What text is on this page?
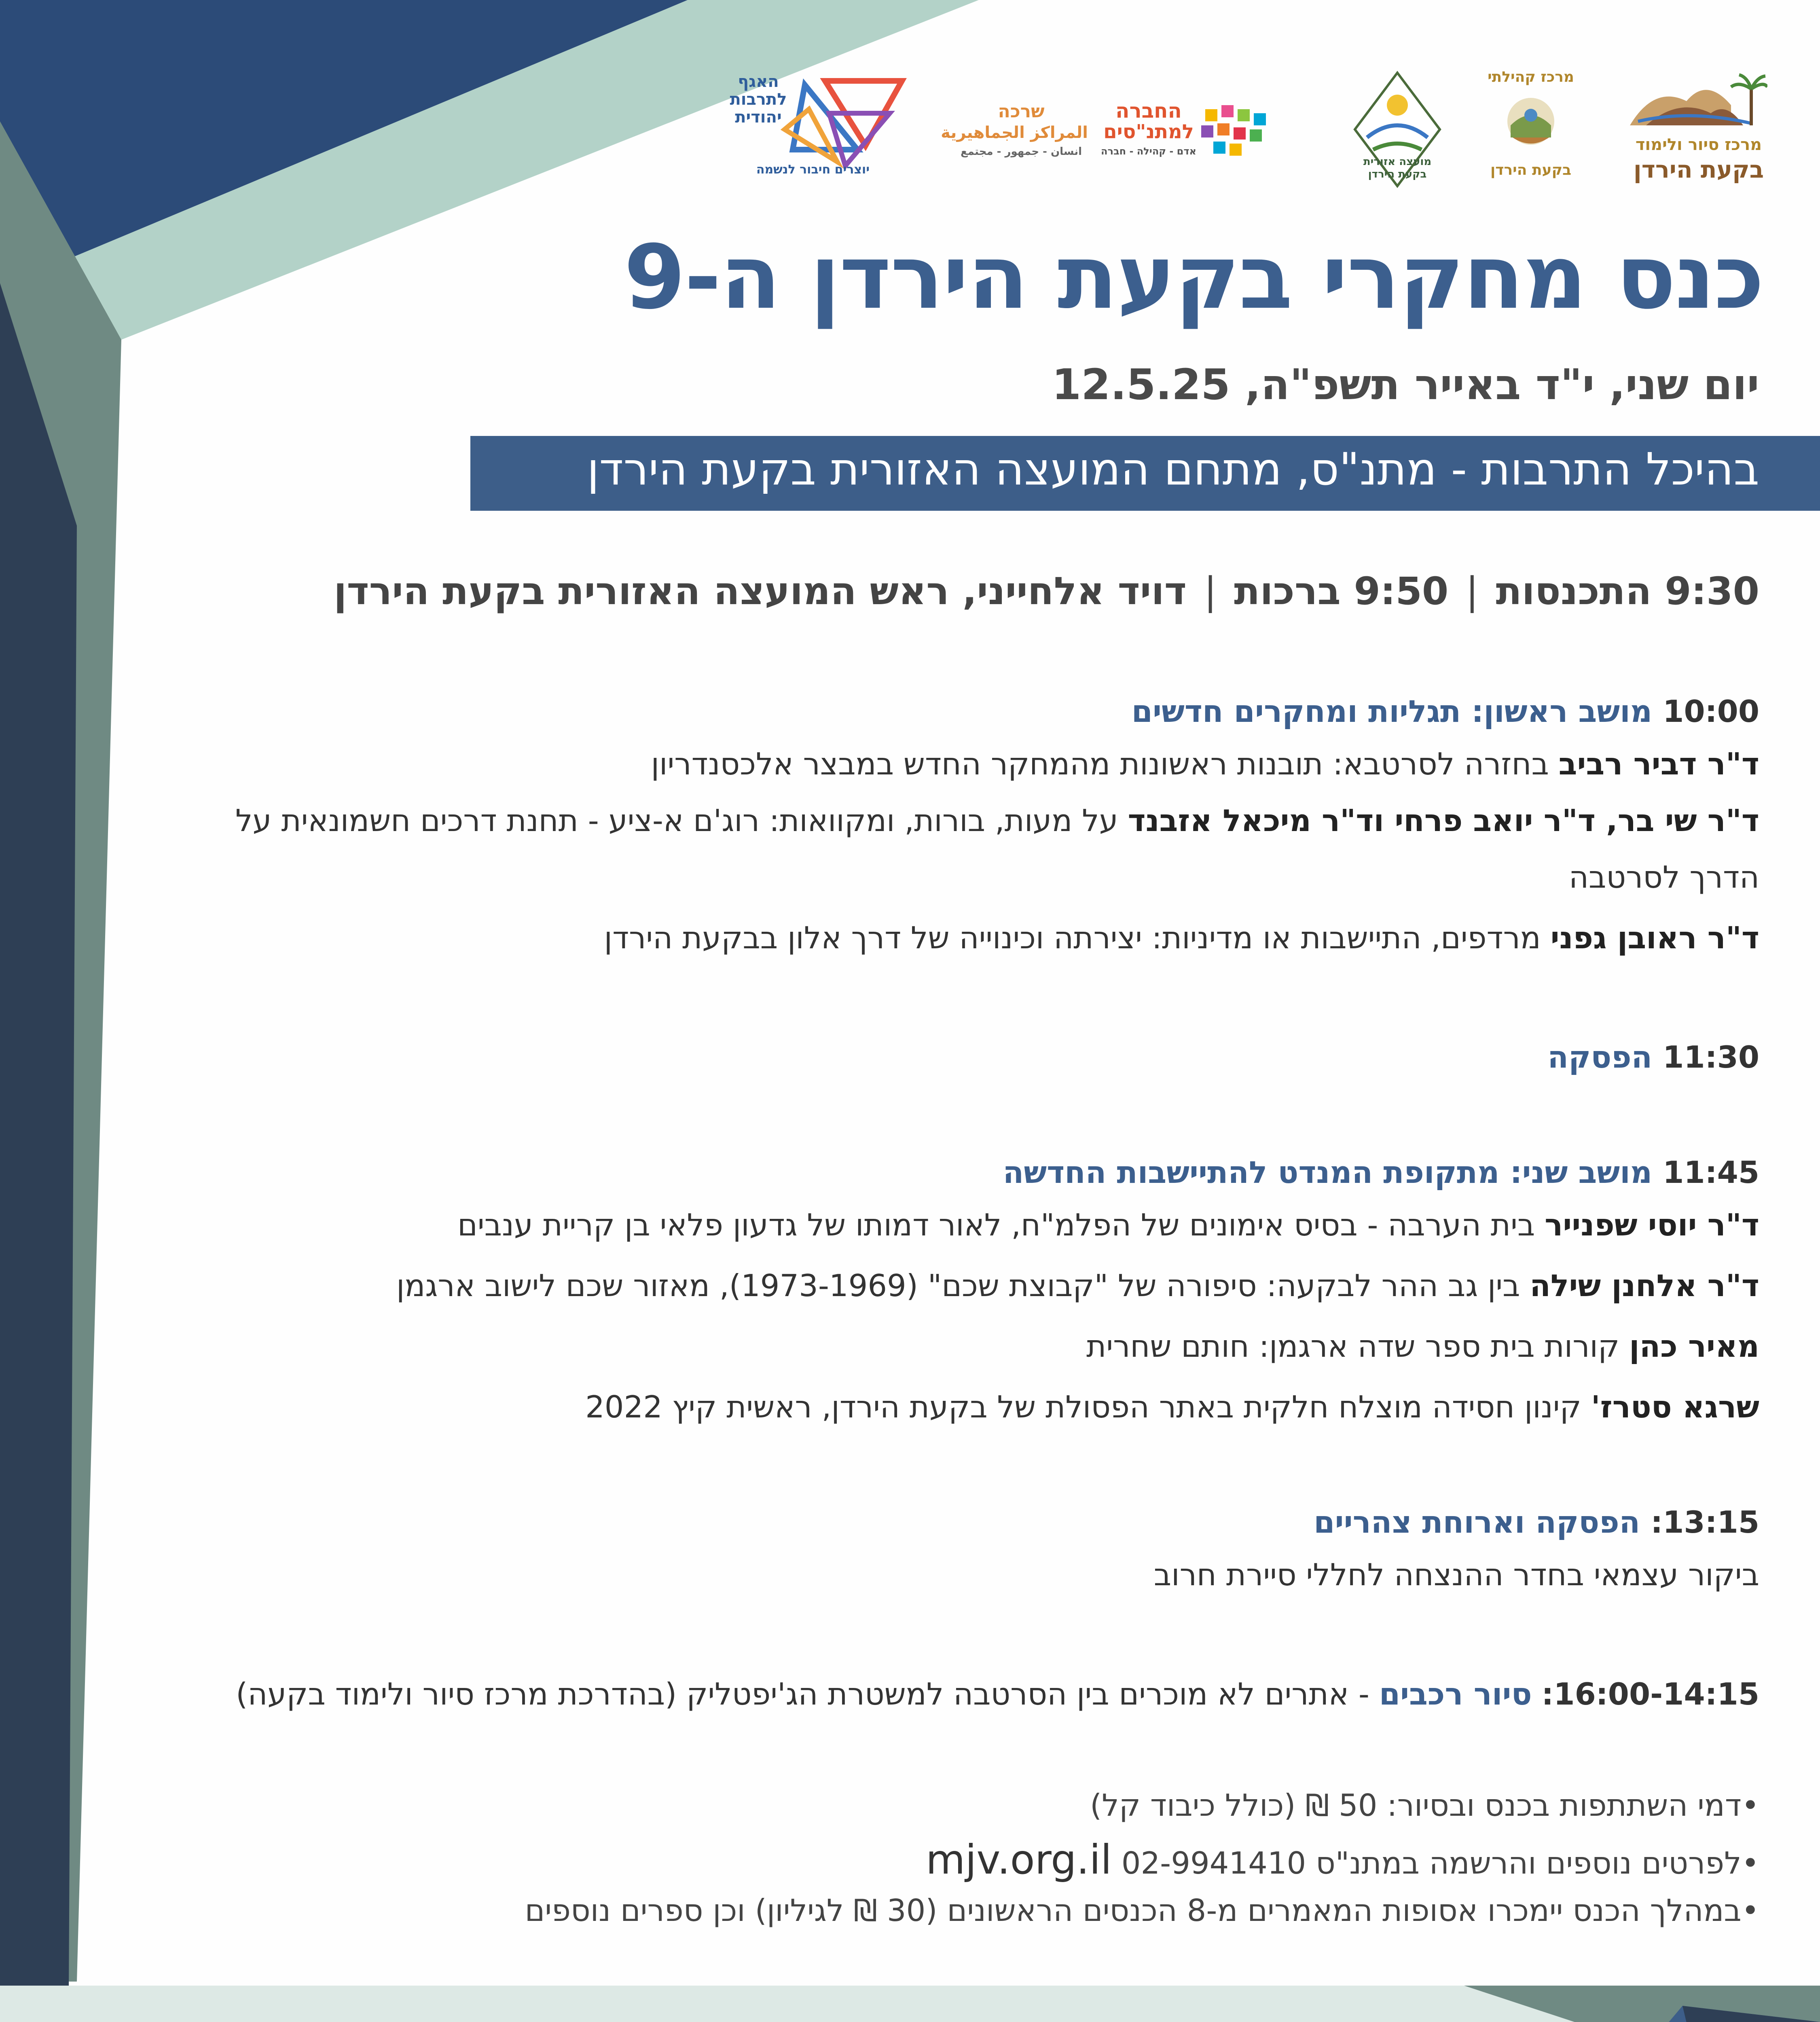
האגף
לתרבות
יהודית
יוצרים חיבור לנשמה
שרכה
المراكز الجماهيرية
انسان - جمهور - مجتمع
החברה
למתנ"סים
אדם - קהילה - חברה
מועצה אזורית
בקעת הירדן
מרכז קהילתי
בקעת הירדן
מרכז סיור ולימוד
בקעת הירדן
כנס מחקרי בקעת הירדן ה-9
יום שני, י"ד באייר תשפ"ה, 12.5.25
בהיכל התרבות - מתנ"ס, מתחם המועצה האזורית בקעת הירדן
9:30 התכנסות | 9:50 ברכות | דויד אלחייני, ראש המועצה האזורית בקעת הירדן
10:00 מושב ראשון: תגליות ומחקרים חדשים
ד"ר דביר רביב בחזרה לסרטבא: תובנות ראשונות מהמחקר החדש במבצר אלכסנדריון
ד"ר שי בר, ד"ר יואב פרחי וד"ר מיכאל אזבנד על מעות, בורות, ומקוואות: רוג'ם א-ציע - תחנת דרכים חשמונאית על
הדרך לסרטבה
ד"ר ראובן גפני מרדפים, התיישבות או מדיניות: יצירתה וכינוייה של דרך אלון בבקעת הירדן
11:30 הפסקה
11:45 מושב שני: מתקופת המנדט להתיישבות החדשה
ד"ר יוסי שפנייר בית הערבה - בסיס אימונים של הפלמ"ח, לאור דמותו של גדעון פלאי בן קריית ענבים
ד"ר אלחנן שילה בין גב ההר לבקעה: סיפורה של "קבוצת שכם" (1973-1969), מאזור שכם לישוב ארגמן
מאיר כהן קורות בית ספר שדה ארגמן: חותם שחרית
שרגא סטרז' קינון חסידה מוצלח חלקית באתר הפסולת של בקעת הירדן, ראשית קיץ 2022
13:15: הפסקה וארוחת צהריים
ביקור עצמאי בחדר ההנצחה לחללי סיירת חרוב
16:00-14:15: סיור רכבים - אתרים לא מוכרים בין הסרטבה למשטרת הג'יפטליק (בהדרכת מרכז סיור ולימוד בקעה)
•דמי השתתפות בכנס ובסיור: 50 ₪ (כולל כיבוד קל)
•לפרטים נוספים והרשמה במתנ"ס 02-9941410 mjv.org.il
•במהלך הכנס יימכרו אסופות המאמרים מ-8 הכנסים הראשונים (30 ₪ לגיליון) וכן ספרים נוספים
